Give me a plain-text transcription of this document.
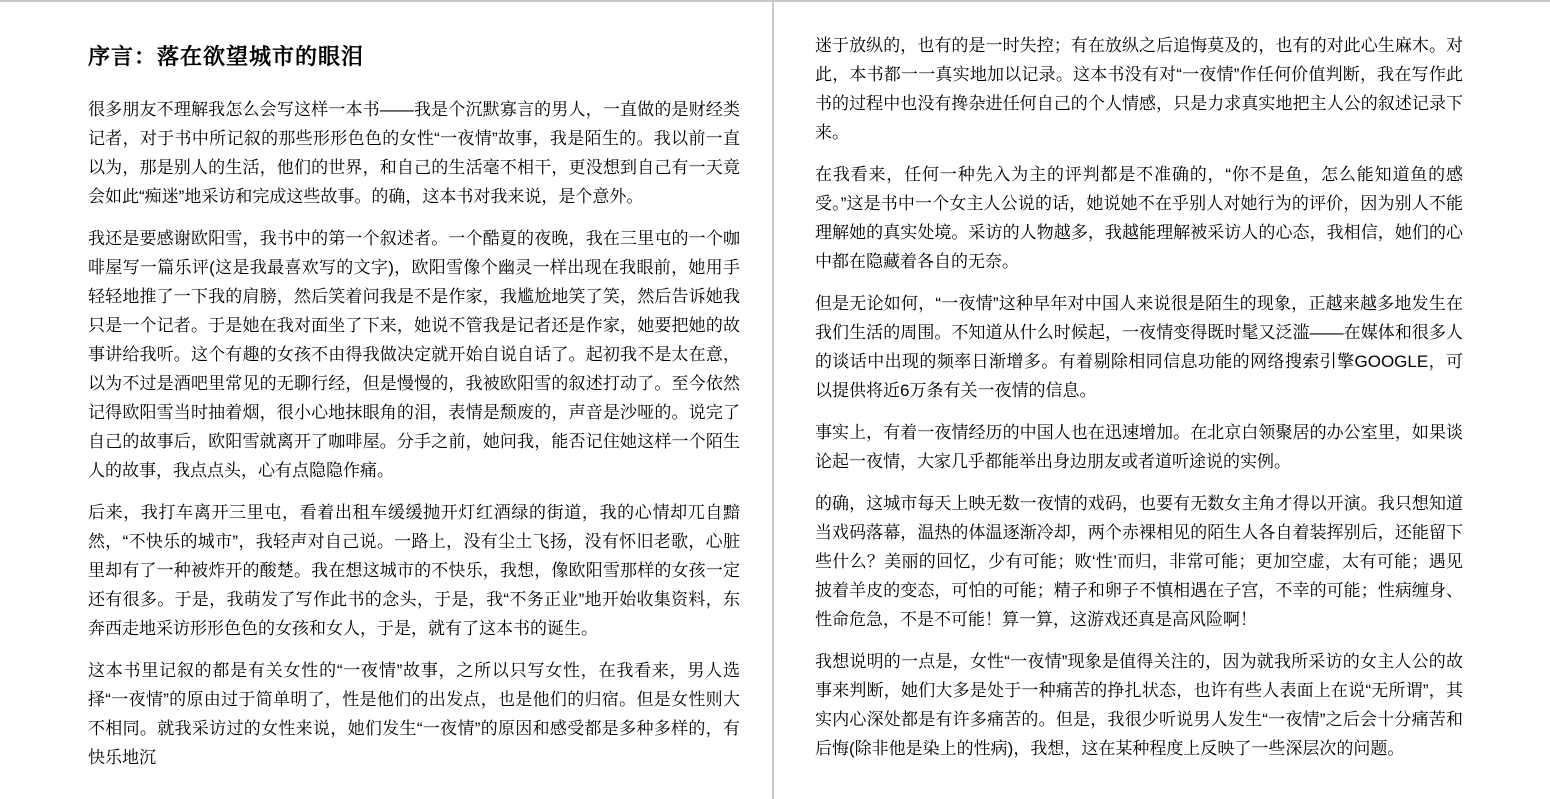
序言：落在欲望城市的眼泪

很多朋友不理解我怎么会写这样一本书——我是个沉默寡言的男人，一直做的是财经类记者，对于书中所记叙的那些形形色色的女性“一夜情”故事，我是陌生的。我以前一直以为，那是别人的生活，他们的世界，和自己的生活毫不相干，更没想到自己有一天竟会如此“痴迷”地采访和完成这些故事。的确，这本书对我来说，是个意外。

我还是要感谢欧阳雪，我书中的第一个叙述者。一个酷夏的夜晚，我在三里屯的一个咖啡屋写一篇乐评(这是我最喜欢写的文字)，欧阳雪像个幽灵一样出现在我眼前，她用手轻轻地推了一下我的肩膀，然后笑着问我是不是作家，我尴尬地笑了笑，然后告诉她我只是一个记者。于是她在我对面坐了下来，她说不管我是记者还是作家，她要把她的故事讲给我听。这个有趣的女孩不由得我做决定就开始自说自话了。起初我不是太在意，以为不过是酒吧里常见的无聊行经，但是慢慢的，我被欧阳雪的叙述打动了。至今依然记得欧阳雪当时抽着烟，很小心地抹眼角的泪，表情是颓废的，声音是沙哑的。说完了自己的故事后，欧阳雪就离开了咖啡屋。分手之前，她问我，能否记住她这样一个陌生人的故事，我点点头，心有点隐隐作痛。

后来，我打车离开三里屯，看着出租车缓缓抛开灯红酒绿的街道，我的心情却兀自黯然，“不快乐的城市”，我轻声对自己说。一路上，没有尘土飞扬，没有怀旧老歌，心脏里却有了一种被炸开的酸楚。我在想这城市的不快乐，我想，像欧阳雪那样的女孩一定还有很多。于是，我萌发了写作此书的念头，于是，我“不务正业”地开始收集资料，东奔西走地采访形形色色的女孩和女人，于是，就有了这本书的诞生。

这本书里记叙的都是有关女性的“一夜情”故事，之所以只写女性，在我看来，男人选择“一夜情”的原由过于简单明了，性是他们的出发点，也是他们的归宿。但是女性则大不相同。就我采访过的女性来说，她们发生“一夜情”的原因和感受都是多种多样的，有快乐地沉

迷于放纵的，也有的是一时失控；有在放纵之后追悔莫及的，也有的对此心生麻木。对此，本书都一一真实地加以记录。这本书没有对“一夜情”作任何价值判断，我在写作此书的过程中也没有搀杂进任何自己的个人情感，只是力求真实地把主人公的叙述记录下来。

在我看来，任何一种先入为主的评判都是不准确的，“你不是鱼，怎么能知道鱼的感受。”这是书中一个女主人公说的话，她说她不在乎别人对她行为的评价，因为别人不能理解她的真实处境。采访的人物越多，我越能理解被采访人的心态，我相信，她们的心中都在隐藏着各自的无奈。

但是无论如何，“一夜情”这种早年对中国人来说很是陌生的现象，正越来越多地发生在我们生活的周围。不知道从什么时候起，一夜情变得既时髦又泛滥——在媒体和很多人的谈话中出现的频率日渐增多。有着剔除相同信息功能的网络搜索引擎GOOGLE，可以提供将近6万条有关一夜情的信息。

事实上，有着一夜情经历的中国人也在迅速增加。在北京白领聚居的办公室里，如果谈论起一夜情，大家几乎都能举出身边朋友或者道听途说的实例。

的确，这城市每天上映无数一夜情的戏码，也要有无数女主角才得以开演。我只想知道当戏码落幕，温热的体温逐渐冷却，两个赤裸相见的陌生人各自着装挥别后，还能留下些什么？美丽的回忆，少有可能；败‘性’而归，非常可能；更加空虚，太有可能；遇见披着羊皮的变态，可怕的可能；精子和卵子不慎相遇在子宫，不幸的可能；性病缠身、性命危急，不是不可能！算一算，这游戏还真是高风险啊！

我想说明的一点是，女性“一夜情”现象是值得关注的，因为就我所采访的女主人公的故事来判断，她们大多是处于一种痛苦的挣扎状态，也许有些人表面上在说“无所谓”，其实内心深处都是有许多痛苦的。但是，我很少听说男人发生“一夜情”之后会十分痛苦和后悔(除非他是染上的性病)，我想，这在某种程度上反映了一些深层次的问题。
